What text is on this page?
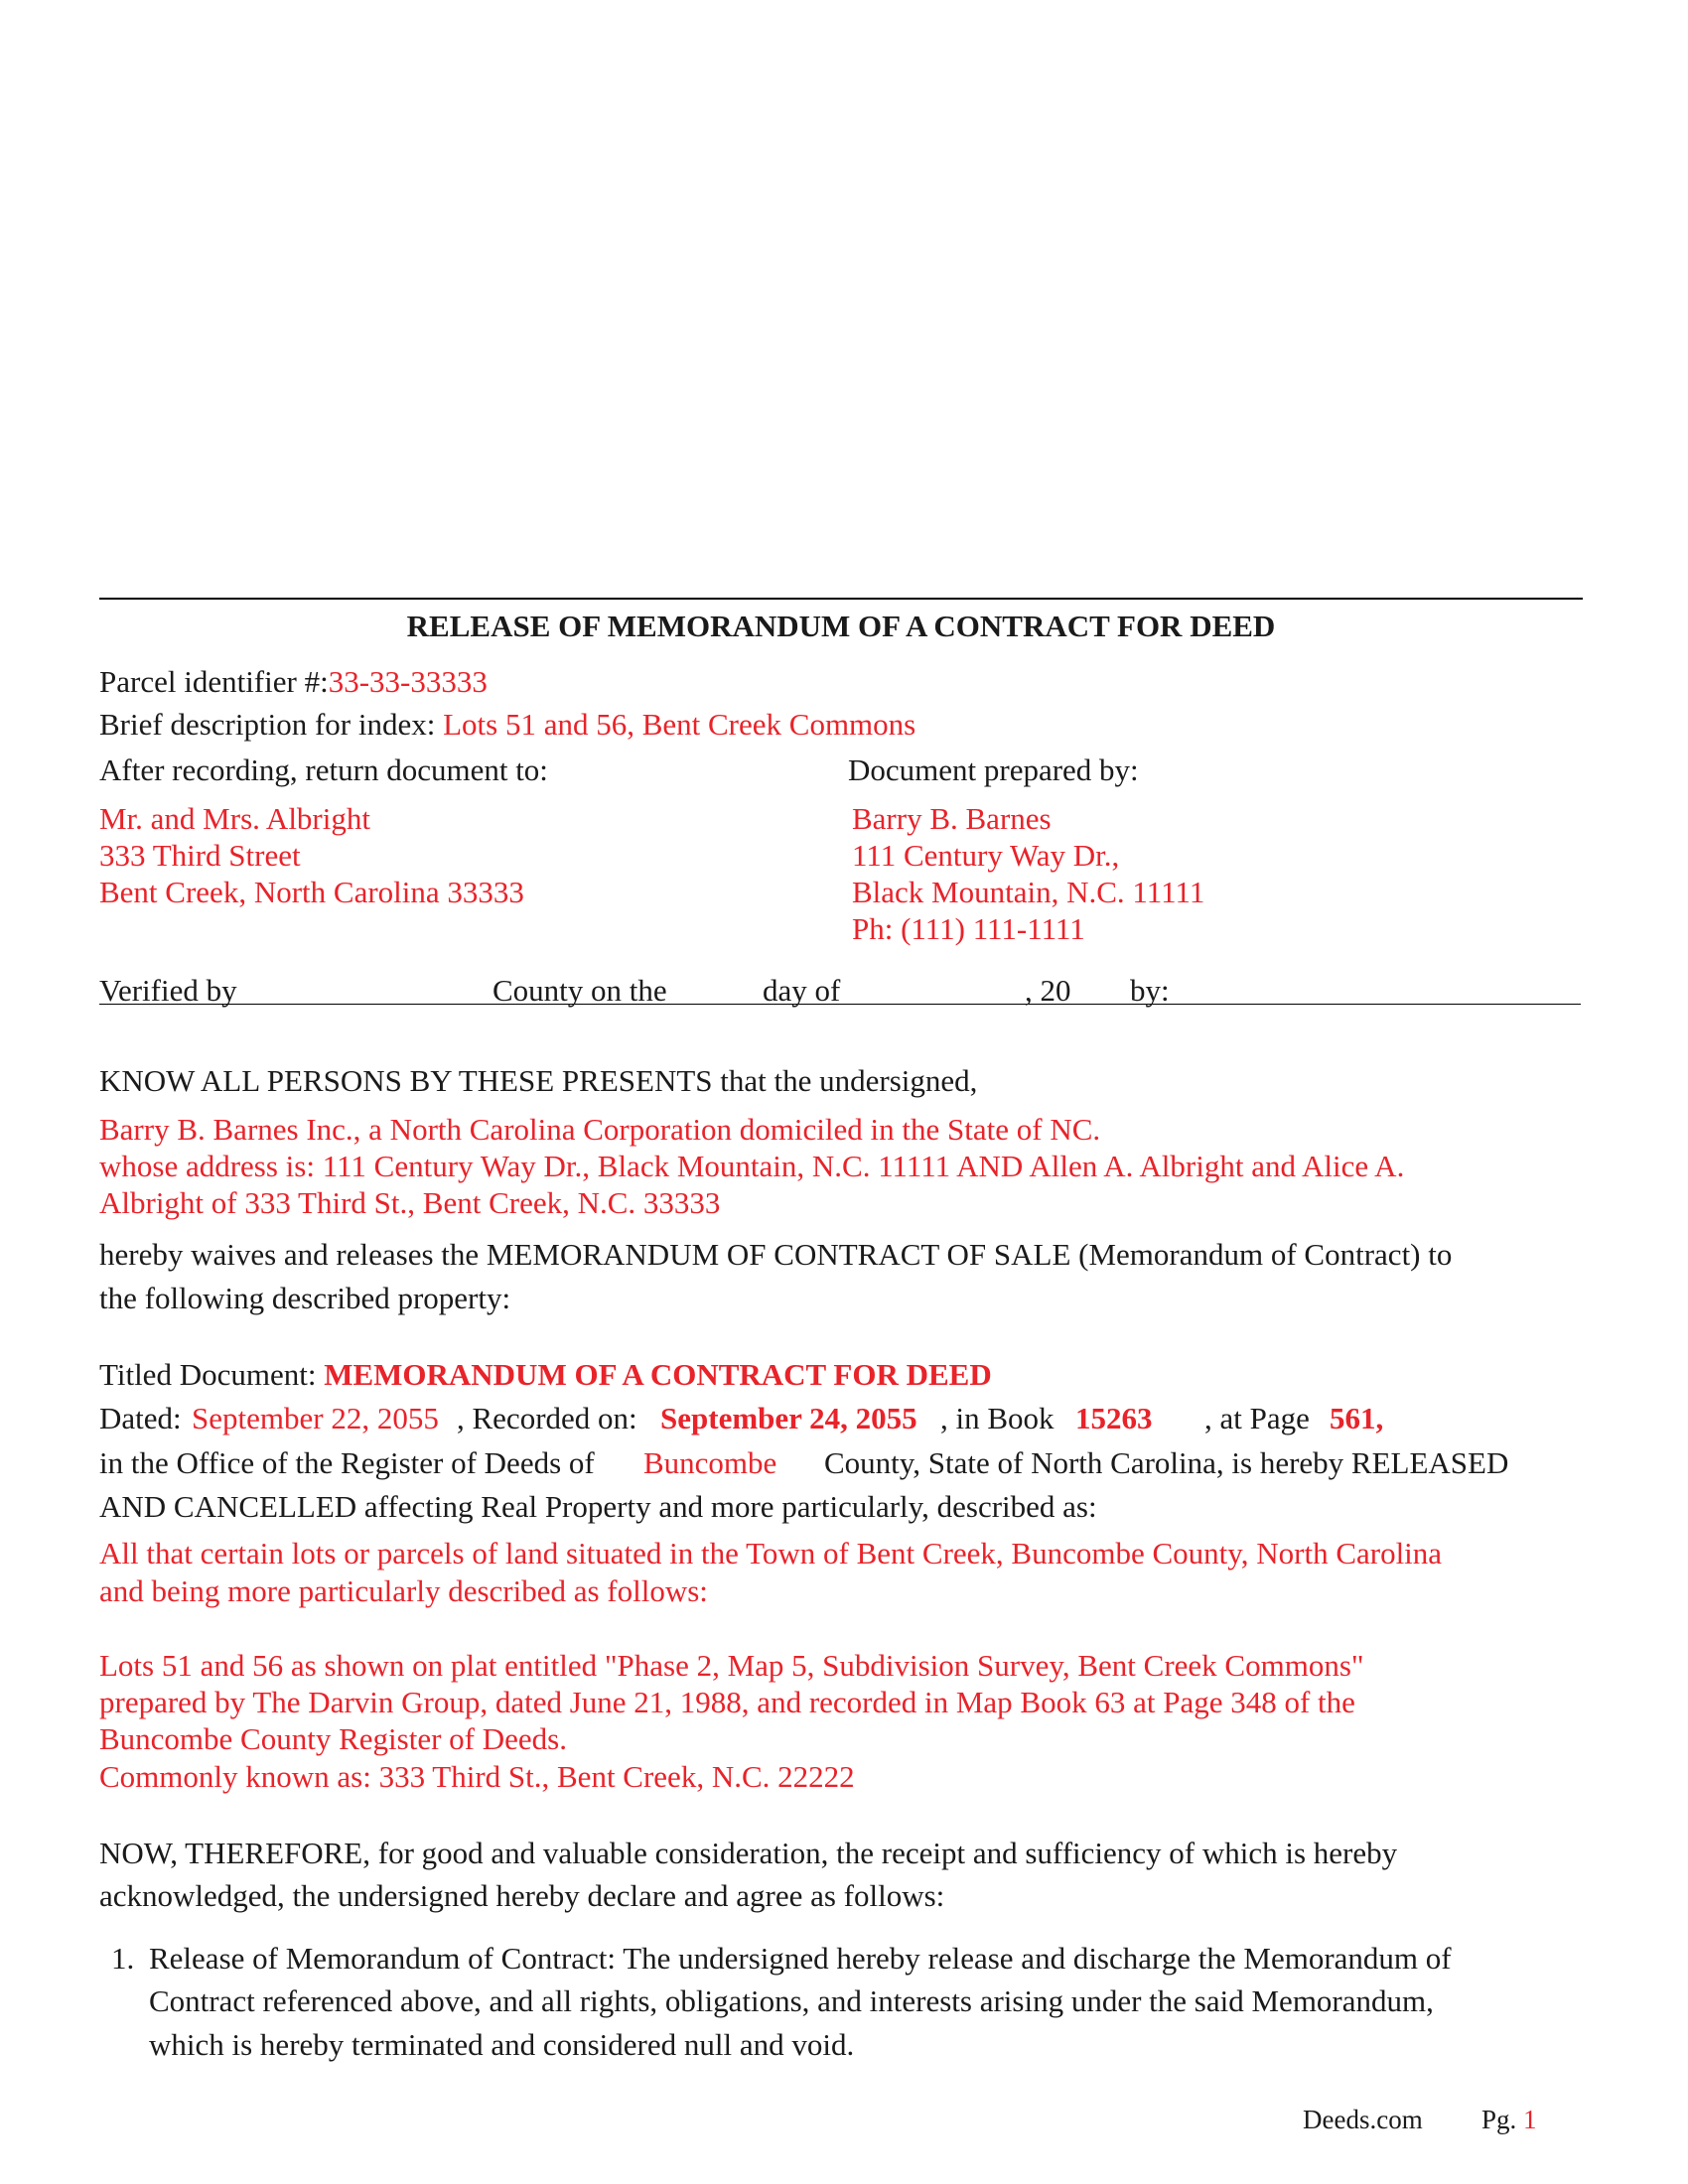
RELEASE OF MEMORANDUM OF A CONTRACT FOR DEED
Parcel identifier #:33-33-33333
Brief description for index: Lots 51 and 56, Bent Creek Commons
After recording, return document to:	Document prepared by:
Mr. and Mrs. Albright
333 Third Street
Bent Creek, North Carolina 33333
Barry B. Barnes
111 Century Way Dr.,
Black Mountain, N.C. 11111
Ph: (111) 111-1111
Verified by	County on the	day of	, 20 by:
KNOW ALL PERSONS BY THESE PRESENTS that the undersigned,
Barry B. Barnes Inc., a North Carolina Corporation domiciled in the State of NC.
whose address is: 111 Century Way Dr., Black Mountain, N.C. 11111 AND Allen A. Albright and Alice A.
Albright of 333 Third St., Bent Creek, N.C. 33333
hereby waives and releases the MEMORANDUM OF CONTRACT OF SALE (Memorandum of Contract) to
the following described property:
Titled Document: MEMORANDUM OF A CONTRACT FOR DEED
Dated: September 22, 2055 , Recorded on: September 24, 2055 , in Book 15263 , at Page 561,
in the Office of the Register of Deeds of Buncombe County, State of North Carolina, is hereby RELEASED
AND CANCELLED affecting Real Property and more particularly, described as:
All that certain lots or parcels of land situated in the Town of Bent Creek, Buncombe County, North Carolina
and being more particularly described as follows:
Lots 51 and 56 as shown on plat entitled "Phase 2, Map 5, Subdivision Survey, Bent Creek Commons"
prepared by The Darvin Group, dated June 21, 1988, and recorded in Map Book 63 at Page 348 of the
Buncombe County Register of Deeds.
Commonly known as: 333 Third St., Bent Creek, N.C. 22222
NOW, THEREFORE, for good and valuable consideration, the receipt and sufficiency of which is hereby
acknowledged, the undersigned hereby declare and agree as follows:
1. Release of Memorandum of Contract: The undersigned hereby release and discharge the Memorandum of
Contract referenced above, and all rights, obligations, and interests arising under the said Memorandum,
which is hereby terminated and considered null and void.
Deeds.com Pg. 1
